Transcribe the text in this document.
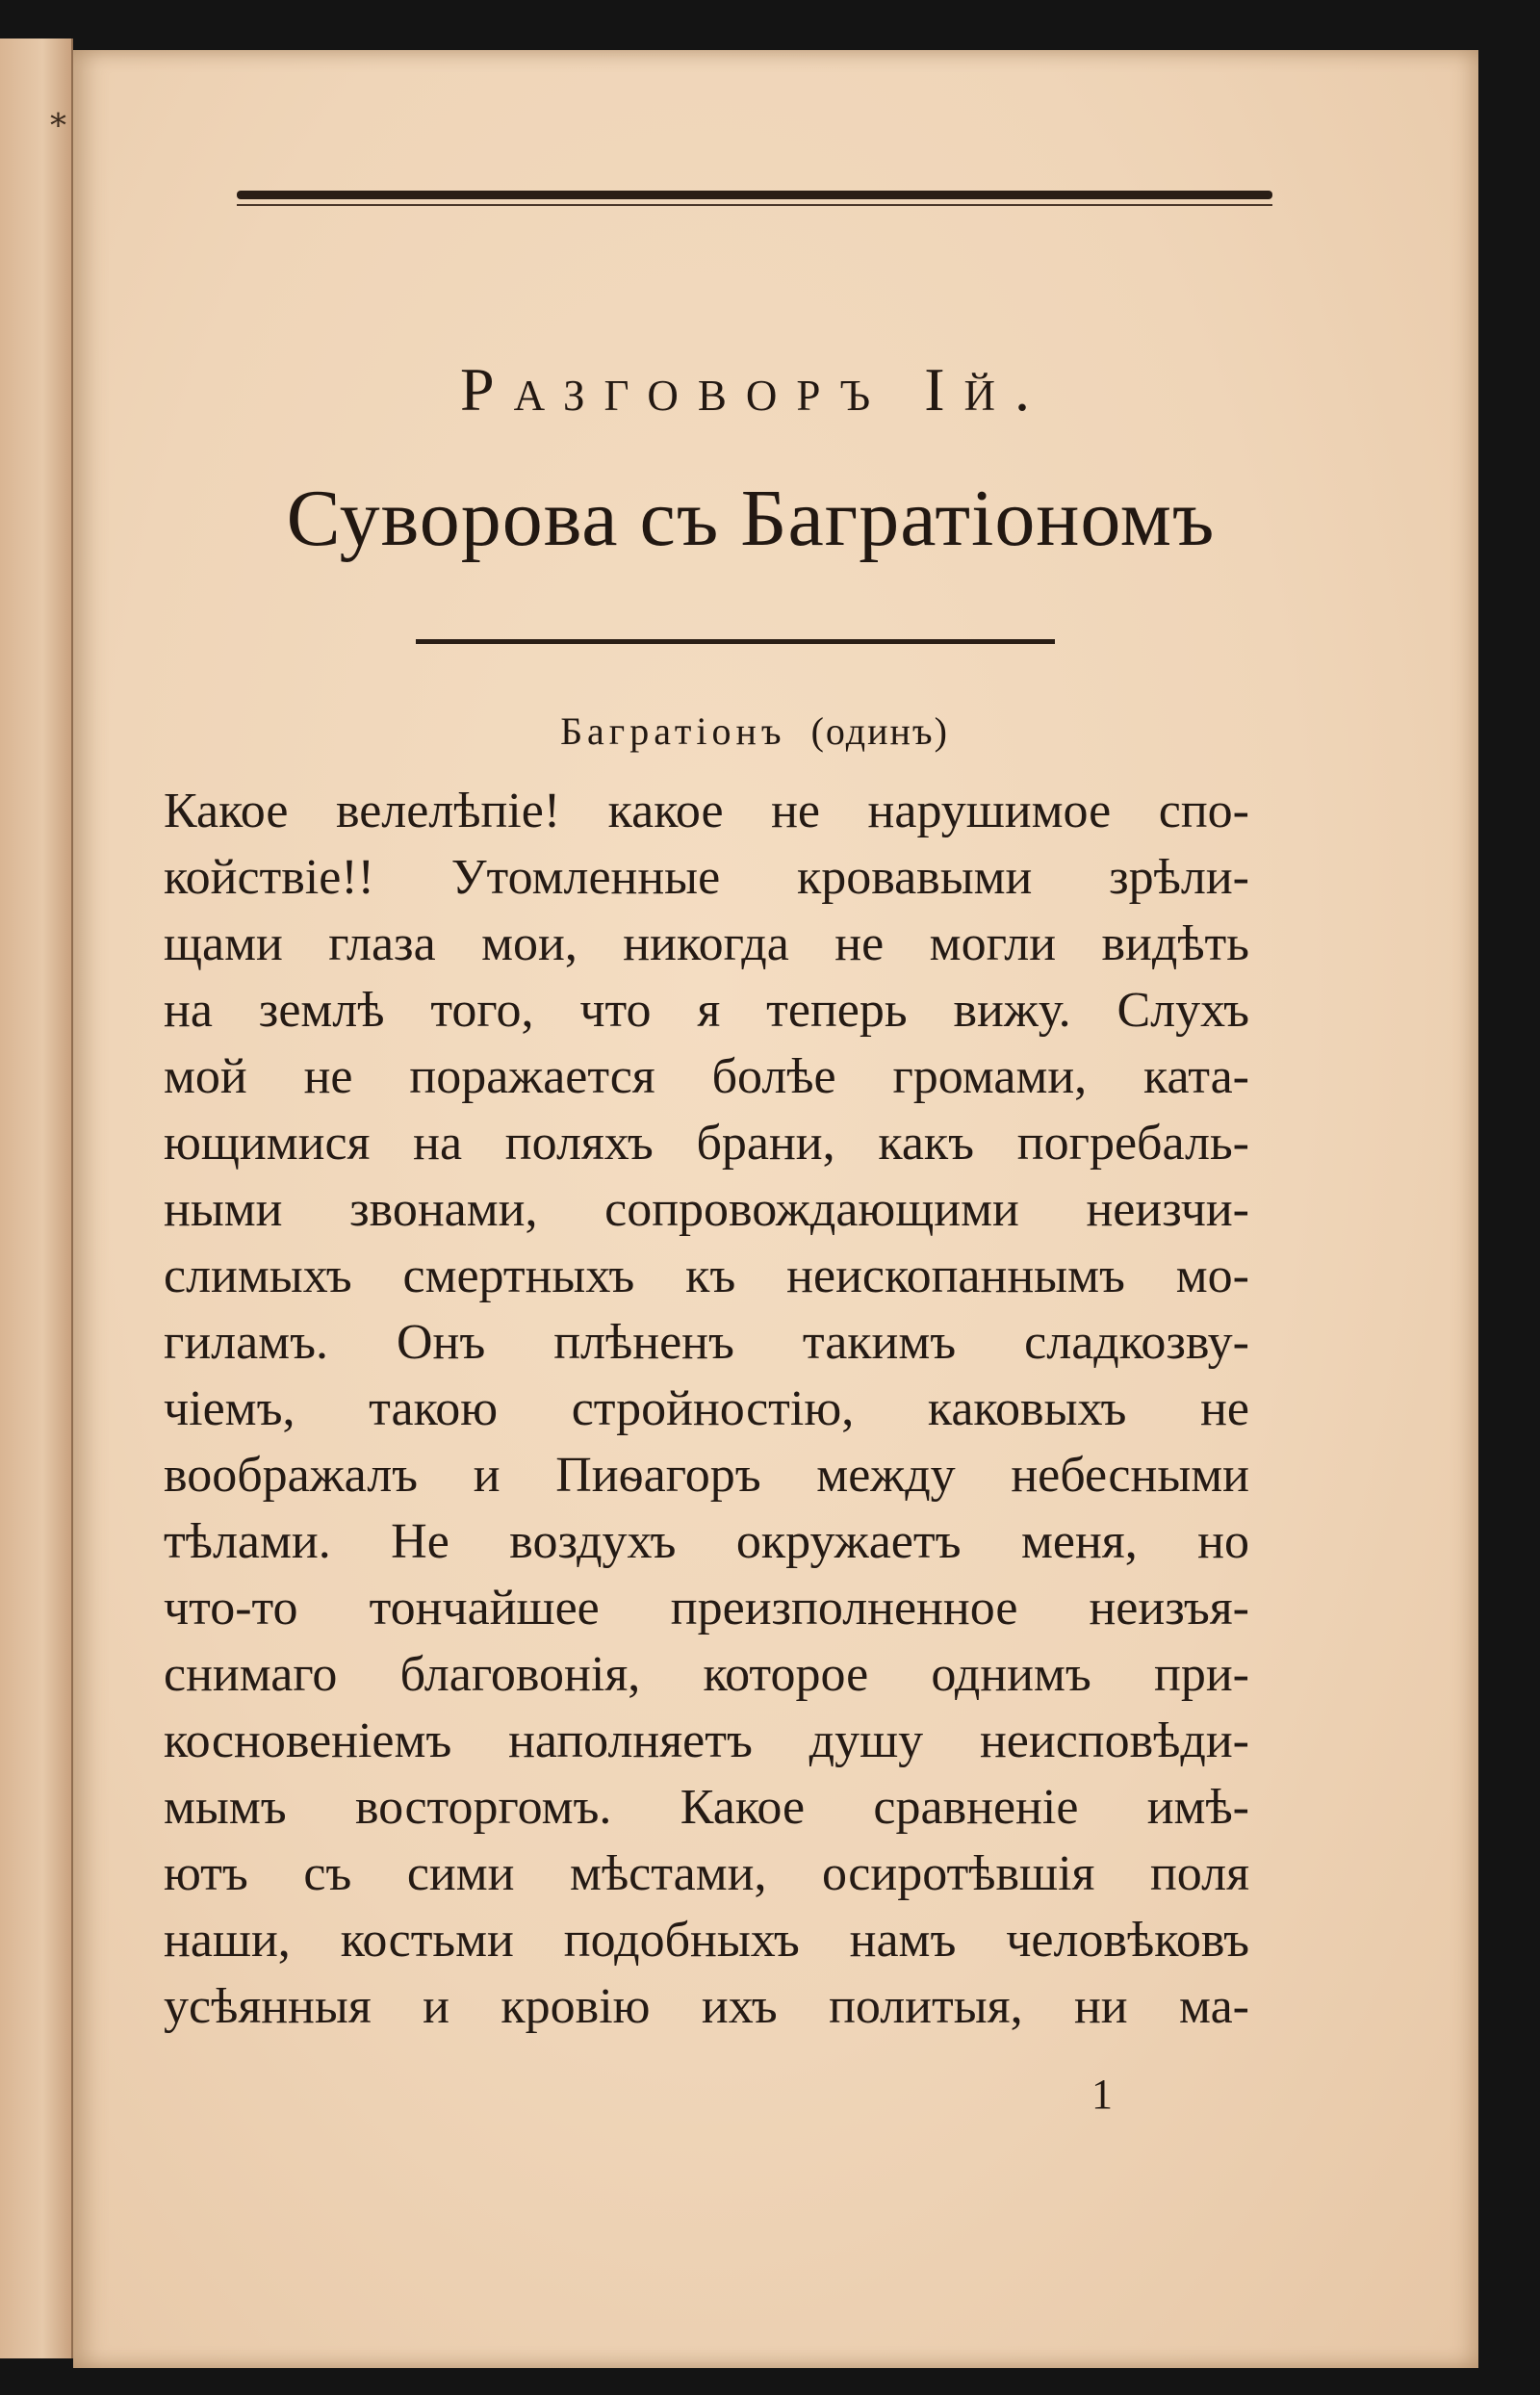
⁎
Разговоръ Iй.
Суворова съ Багратiономъ
Багратiонъ (одинъ)
Какое велелѣпiе! какое не нарушимое спо-
койствiе!! Утомленные кровавыми зрѣли-
щами глаза мои, никогда не могли видѣть
на землѣ того, что я теперь вижу. Слухъ
мой не поражается болѣе громами, ката-
ющимися на поляхъ брани, какъ погребаль-
ными звонами, сопровождающими неизчи-
слимыхъ смертныхъ къ неископаннымъ мо-
гиламъ. Онъ плѣненъ такимъ сладкозву-
чiемъ, такою стройностiю, каковыхъ не
воображалъ и Пиѳагоръ между небесными
тѣлами. Не воздухъ окружаетъ меня, но
что-то тончайшее преизполненное неизъя-
снимаго благовонiя, которое однимъ при-
косновенiемъ наполняетъ душу неисповѣди-
мымъ восторгомъ. Какое сравненiе имѣ-
ютъ съ сими мѣстами, осиротѣвшiя поля
наши, костьми подобныхъ намъ человѣковъ
усѣянныя и кровiю ихъ политыя, ни ма-
1
